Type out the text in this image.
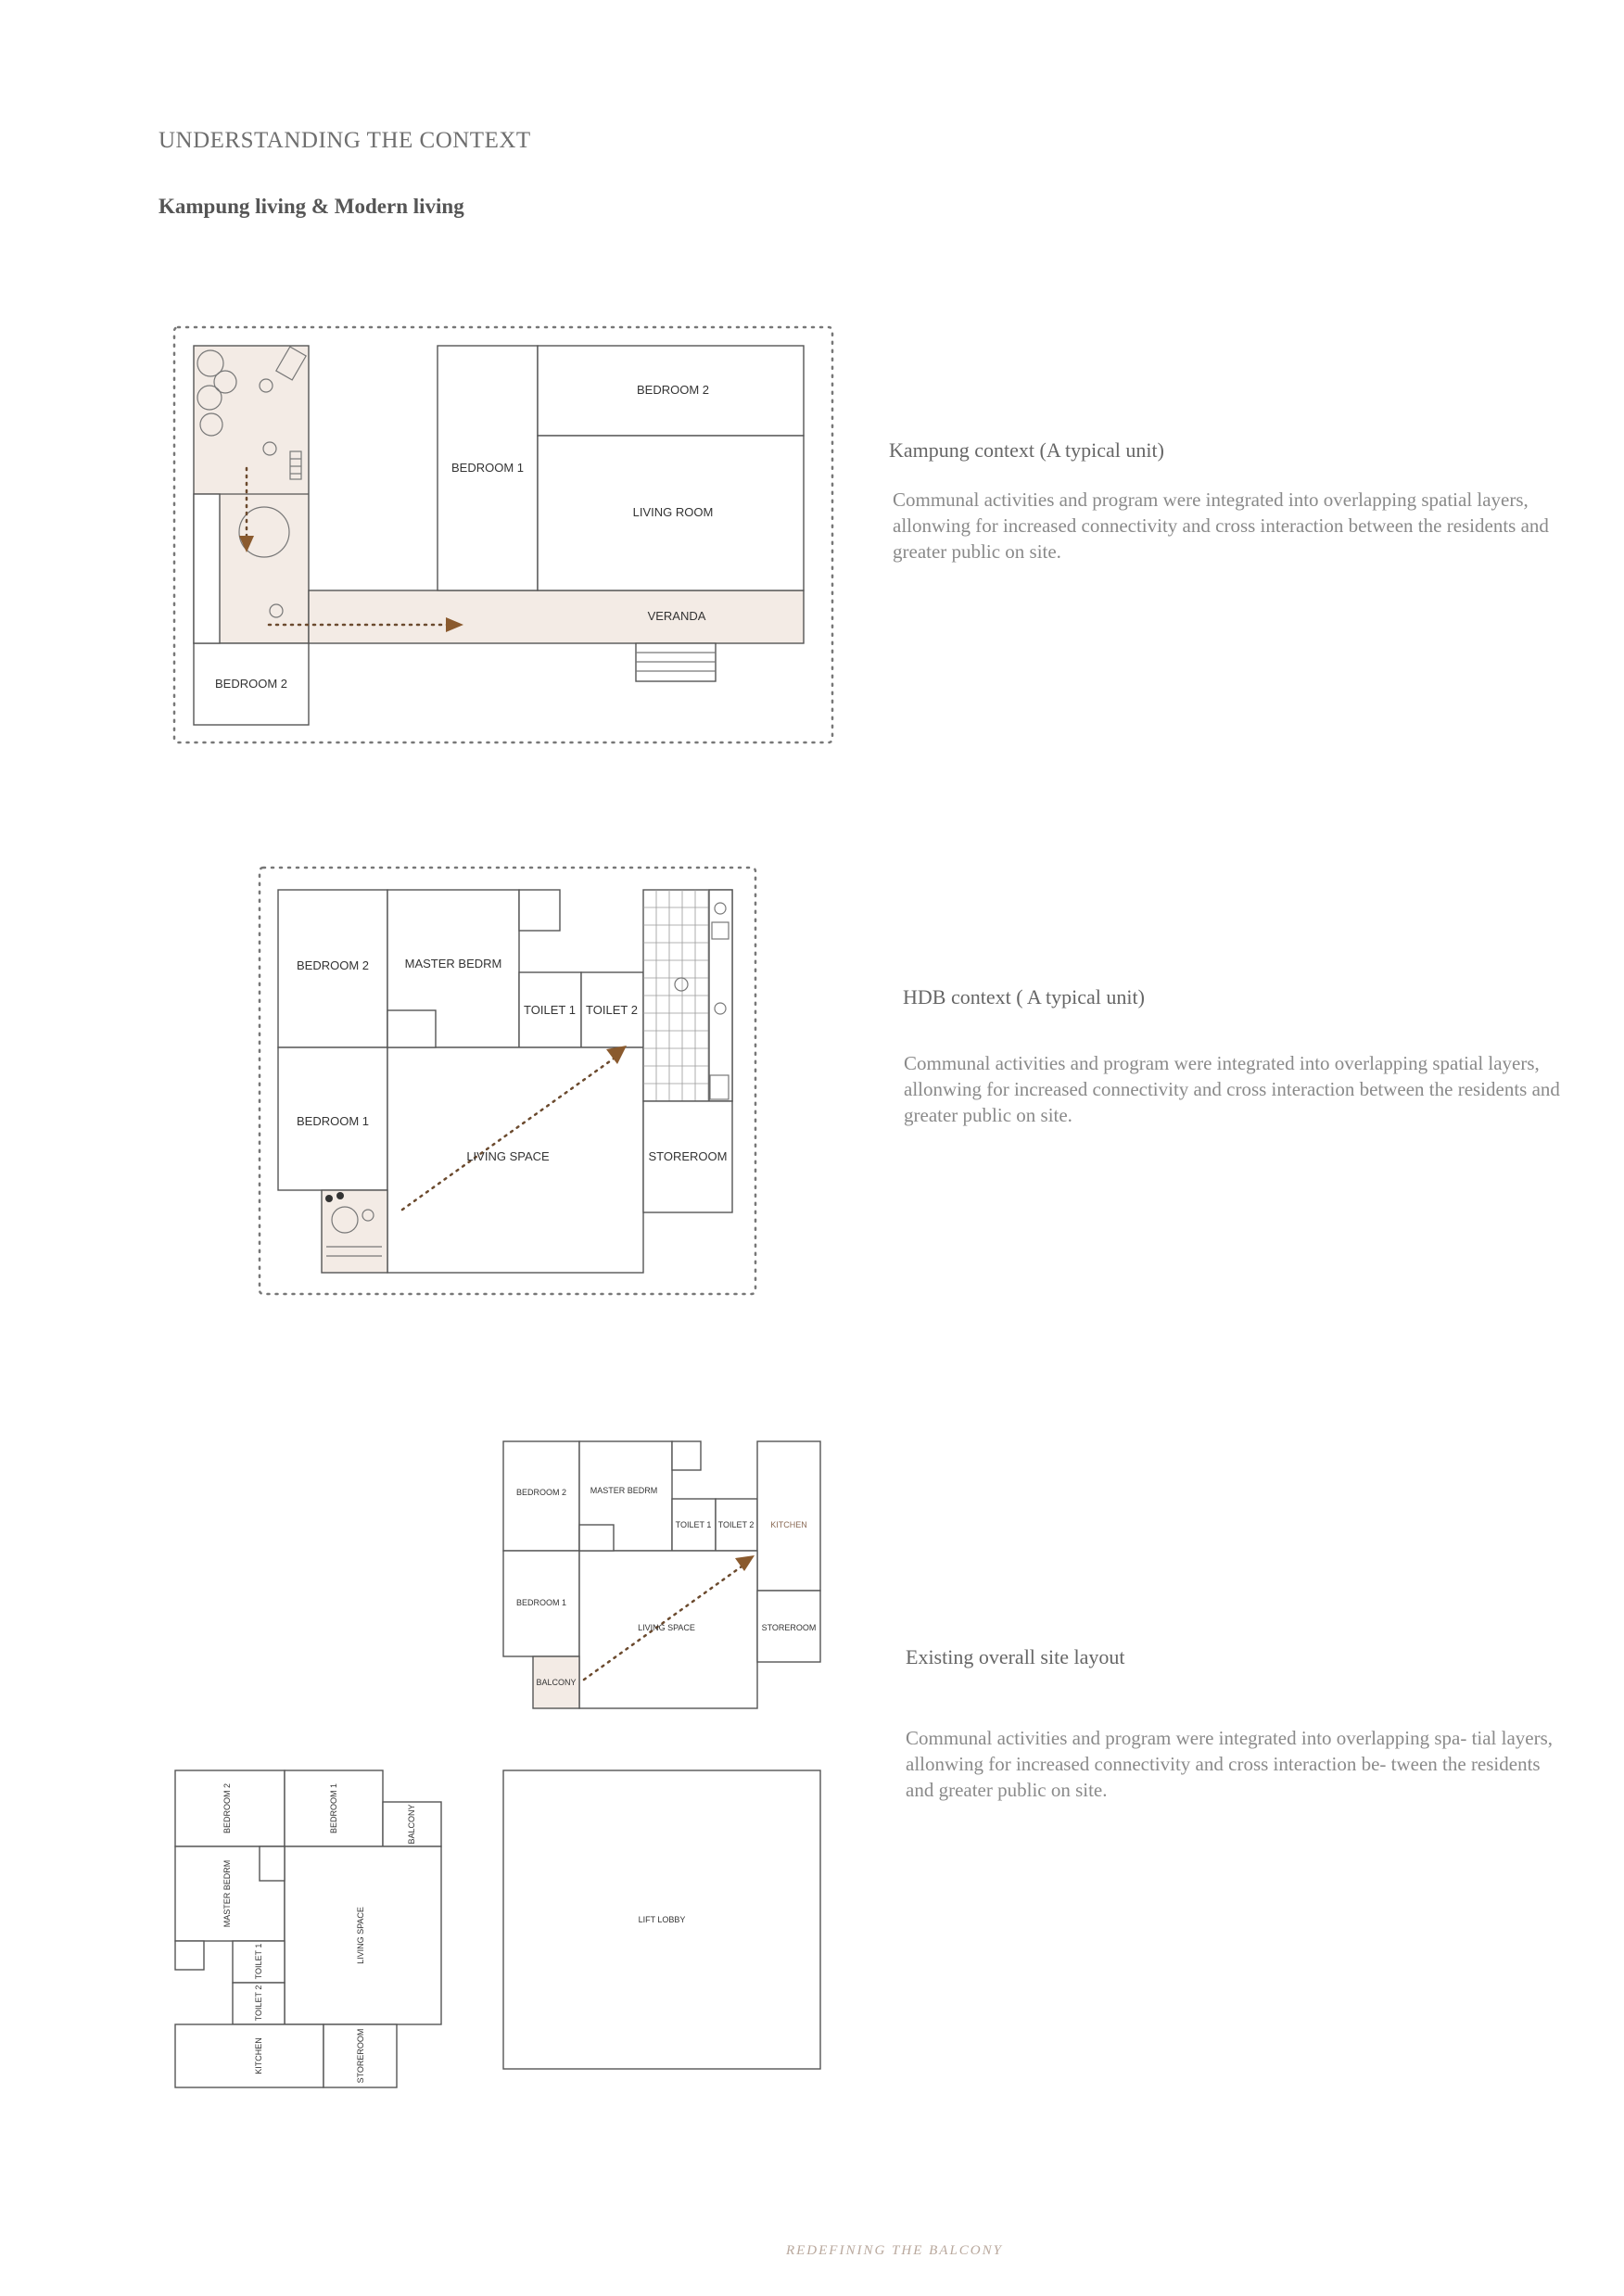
UNDERSTANDING THE CONTEXT
Kampung living & Modern living
BEDROOM 2
BEDROOM 1
LIVING ROOM
VERANDA
BEDROOM 2
Kampung context (A typical unit)
Communal activities and program were integrated into overlapping spatial layers, allonwing for increased connectivity and cross interaction between the residents and greater public on site.
BEDROOM 2	MASTER BEDRM
TOILET 1 TOILET 2
BEDROOM 1
LIVING SPACE	STOREROOM
HDB context ( A typical unit)
Communal activities and program were integrated into overlapping spatial layers, allonwing for increased connectivity and cross interaction between the residents and greater public on site.
BEDROOM 2	MASTER BEDRM
TOILET 1 TOILET 2 KITCHEN
BEDROOM 1
LIVING SPACE	STOREROOM
BALCONY
LIFT LOBBY
BEDROOM 2	BEDROOM 1	BALCONY
MASTER BEDRM
LIVING SPACE
TOILET 1
TOILET 2
KITCHEN	STOREROOM
Existing overall site layout
Communal activities and program were integrated into overlapping spa- tial layers, allonwing for increased connectivity and cross interaction be- tween the residents and greater public on site.
REDEFINING THE BALCONY
